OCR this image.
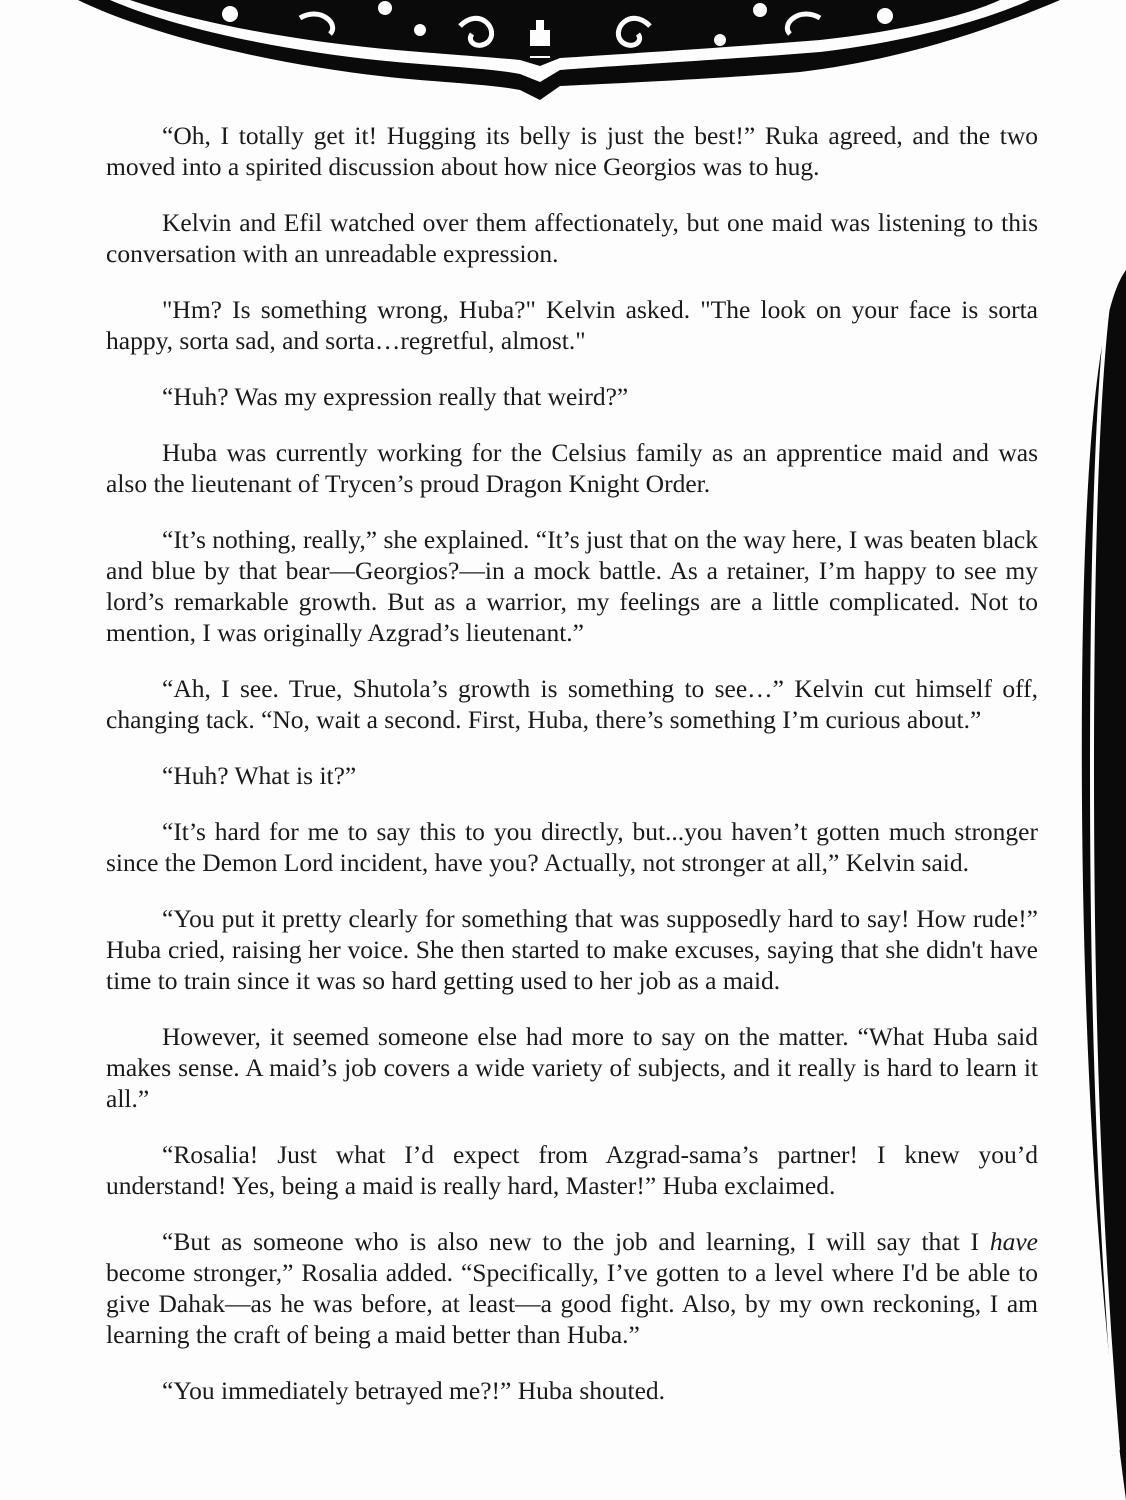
“Oh, I totally get it! Hugging its belly is just the best!” Ruka agreed, and the two moved into a spirited discussion about how nice Georgios was to hug.

Kelvin and Efil watched over them affectionately, but one maid was listening to this conversation with an unreadable expression.

"Hm? Is something wrong, Huba?" Kelvin asked. "The look on your face is sorta happy, sorta sad, and sorta…regretful, almost."

“Huh? Was my expression really that weird?”

Huba was currently working for the Celsius family as an apprentice maid and was also the lieutenant of Trycen’s proud Dragon Knight Order.

“It’s nothing, really,” she explained. “It’s just that on the way here, I was beaten black and blue by that bear—Georgios?—in a mock battle. As a retainer, I’m happy to see my lord’s remarkable growth. But as a warrior, my feelings are a little complicated. Not to mention, I was originally Azgrad’s lieutenant.”

“Ah, I see. True, Shutola’s growth is something to see…” Kelvin cut himself off, changing tack. “No, wait a second. First, Huba, there’s something I’m curious about.”

“Huh? What is it?”

“It’s hard for me to say this to you directly, but...you haven’t gotten much stronger since the Demon Lord incident, have you? Actually, not stronger at all,” Kelvin said.

“You put it pretty clearly for something that was supposedly hard to say! How rude!” Huba cried, raising her voice. She then started to make excuses, saying that she didn't have time to train since it was so hard getting used to her job as a maid.

However, it seemed someone else had more to say on the matter. “What Huba said makes sense. A maid’s job covers a wide variety of subjects, and it really is hard to learn it all.”

“Rosalia! Just what I’d expect from Azgrad-sama’s partner! I knew you’d understand! Yes, being a maid is really hard, Master!” Huba exclaimed.

“But as someone who is also new to the job and learning, I will say that I have become stronger,” Rosalia added. “Specifically, I’ve gotten to a level where I'd be able to give Dahak—as he was before, at least—a good fight. Also, by my own reckoning, I am learning the craft of being a maid better than Huba.”

“You immediately betrayed me?!” Huba shouted.
